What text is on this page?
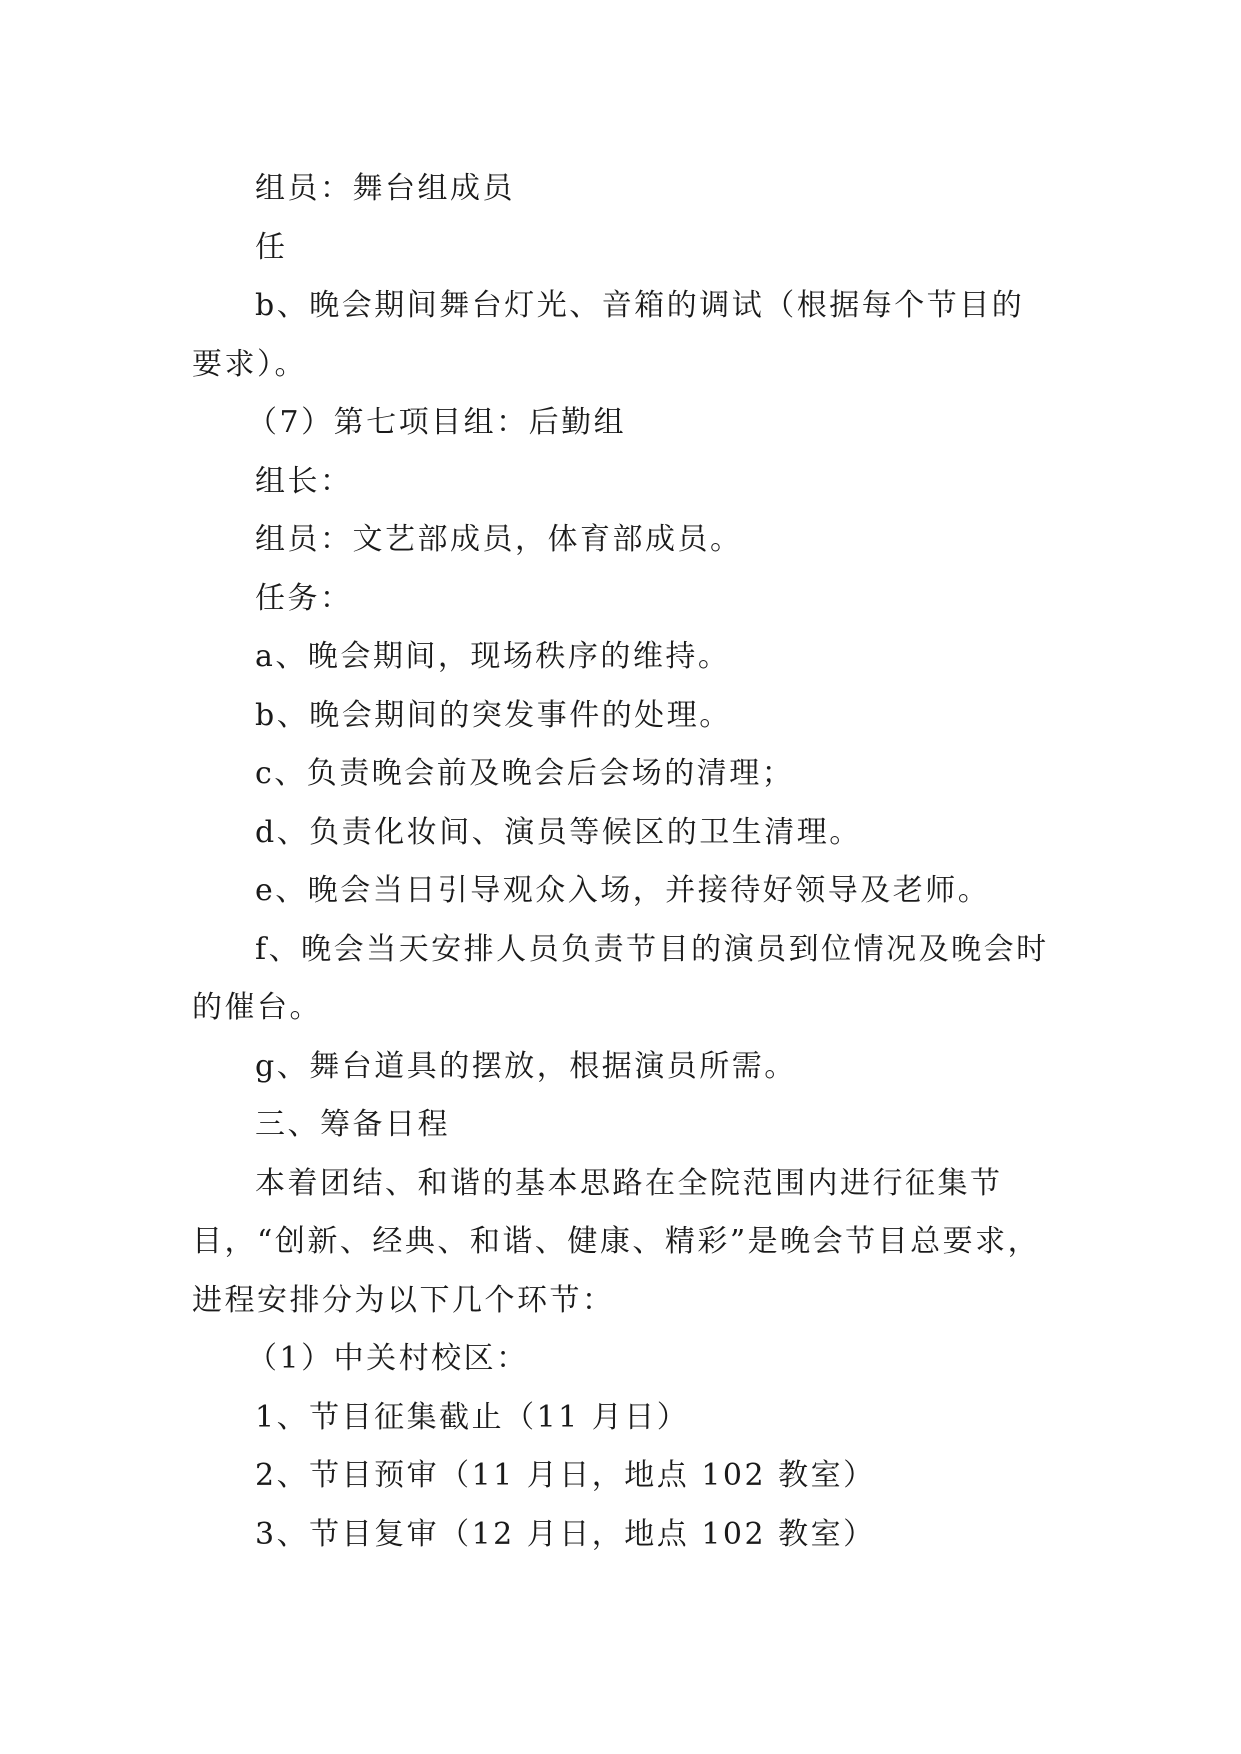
组员：舞台组成员
任
b、晚会期间舞台灯光、音箱的调试（根据每个节目的要求）。
（7）第七项目组：后勤组
组长：
组员：文艺部成员，体育部成员。
任务：
a、晚会期间，现场秩序的维持。
b、晚会期间的突发事件的处理。
c、负责晚会前及晚会后会场的清理；
d、负责化妆间、演员等候区的卫生清理。
e、晚会当日引导观众入场，并接待好领导及老师。
f、晚会当天安排人员负责节目的演员到位情况及晚会时的催台。
g、舞台道具的摆放，根据演员所需。
三、筹备日程
本着团结、和谐的基本思路在全院范围内进行征集节目，“创新、经典、和谐、健康、精彩”是晚会节目总要求，进程安排分为以下几个环节：
（1）中关村校区：
1、节目征集截止（11 月日）
2、节目预审（11 月日，地点 102 教室）
3、节目复审（12 月日，地点 102 教室）
